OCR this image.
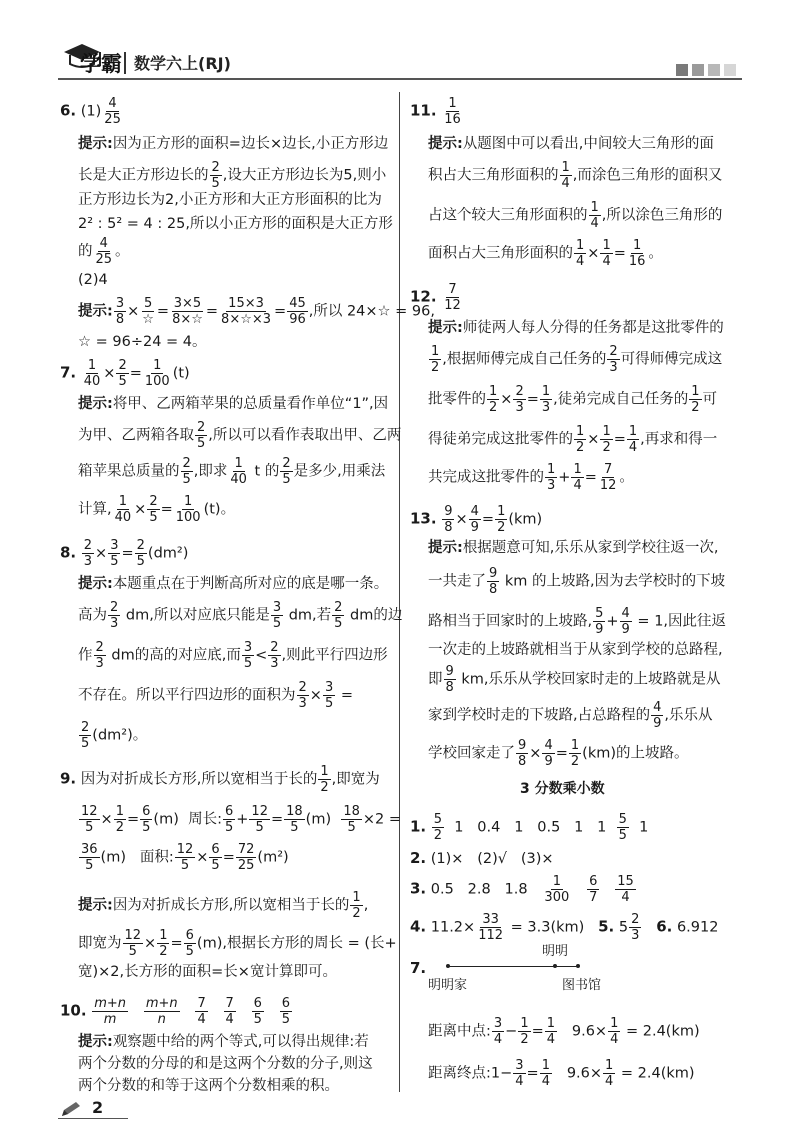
学霸 数学六上(RJ)
6. $(1) \frac{4}{25}$
提示:因为正方形的面积=边长×边长,小正方形边
长是大正方形边长的 $\frac{2}{5}$ ,设大正方形边长为5,则小
正方形边长为2,小正方形和大正方形面积的比为
2² : 5² = 4 : 25,所以小正方形的面积是大正方形
的 $\frac{4}{25}$ 。
(2)4
提示: $\frac{3}{8} \times \frac{5}{☆} = \frac{3\times 5}{8\times☆} = \frac{15\times 3}{8\times☆\times 3} = \frac{45}{96}$ ,所以 24×☆ = 96,
☆ = 96÷24 = 4。
7. $\frac{1}{40} \times \frac{2}{5} = \frac{1}{100} (t)$
提示:将甲、乙两箱苹果的总质量看作单位“1”,因
为甲、乙两箱各取 $\frac{2}{5}$ ,所以可以看作表取出甲、乙两
箱苹果总质量的 $\frac{2}{5}$ ,即求 $\frac{1}{40}$ t 的 $\frac{2}{5}$ 是多少,用乘法
计算, $\frac{1}{40} \times \frac{2}{5} = \frac{1}{100} (t)$。
8. $\frac{2}{3} \times \frac{3}{5} = \frac{2}{5} (dm^2)$
提示:本题重点在于判断高所对应的底是哪一条。
高为 $\frac{2}{3}$ dm,所以对应底只能是 $\frac{3}{5}$ dm,若 $\frac{2}{5}$ dm的边
作 $\frac{2}{3}$ dm的高的对应底,而 $\frac{3}{5} < \frac{2}{3}$ ,则此平行四边形
不存在。所以平行四边形的面积为 $\frac{2}{3} \times \frac{3}{5}$ =
$\frac{2}{5} (dm^2)$。
9. 因为对折成长方形,所以宽相当于长的 $\frac{1}{2}$ ,即宽为
$\frac{12}{5} \times \frac{1}{2} = \frac{6}{5} (m)$ 周长: $\frac{6}{5} + \frac{12}{5} = \frac{18}{5} (m) \frac{18}{5} \times 2$ =
$\frac{36}{5} (m)$ 面积: $\frac{12}{5} \times \frac{6}{5} = \frac{72}{25} (m^2)$
提示:因为对折成长方形,所以宽相当于长的 $\frac{1}{2}$ ,
即宽为 $\frac{12}{5} \times \frac{1}{2} = \frac{6}{5} (m)$,根据长方形的周长 = (长+
宽)×2,长方形的面积=长×宽计算即可。
10. $\frac{m+n}{m}$
$\frac{m+n}{n}$
$\frac{7}{4}$
$\frac{7}{4}$
$\frac{6}{5}$
$\frac{6}{5}$
提示:观察题中给的两个等式,可以得出规律:若
两个分数的分母的和是这两个分数的分子,则这
两个分数的和等于这两个分数相乘的积。
11. $\frac{1}{16}$
提示:从题图中可以看出,中间较大三角形的面
积占大三角形面积的 $\frac{1}{4}$ ,而涂色三角形的面积又
占这个较大三角形面积的 $\frac{1}{4}$ ,所以涂色三角形的
面积占大三角形面积的 $\frac{1}{4} \times \frac{1}{4} = \frac{1}{16}$ 。
12. $\frac{7}{12}$
提示:师徒两人每人分得的任务都是这批零件的
$\frac{1}{2}$ ,根据师傅完成自己任务的 $\frac{2}{3}$ 可得师傅完成这
批零件的 $\frac{1}{2} \times \frac{2}{3} = \frac{1}{3}$ ,徒弟完成自己任务的 $\frac{1}{2}$ 可
得徒弟完成这批零件的 $\frac{1}{2} \times \frac{1}{2} = \frac{1}{4}$ ,再求和得一
共完成这批零件的 $\frac{1}{3} + \frac{1}{4} = \frac{7}{12}$ 。
13. $\frac{9}{8} \times \frac{4}{9} = \frac{1}{2} (km)$
提示:根据题意可知,乐乐从家到学校往返一次,
一共走了 $\frac{9}{8}$ km 的上坡路,因为去学校时的下坡
路相当于回家时的上坡路, $\frac{5}{9} + \frac{4}{9} = 1$,因此往返
一次走的上坡路就相当于从家到学校的总路程,
即 $\frac{9}{8}$ km,乐乐从学校回家时走的上坡路就是从
家到学校时走的下坡路,占总路程的 $\frac{4}{9}$ ,乐乐从
学校回家走了 $\frac{9}{8} \times \frac{4}{9} = \frac{1}{2} (km)$的上坡路。
3 分数乘小数
1. $\frac{5}{2} 1$   0.4   1   0.5   1   $1 \frac{5}{5} 1$
2. (1)×   (2)√   (3)×
3. 0.5   2.8   $1.8 \frac{1}{300}$
$\frac{6}{7}$
$\frac{15}{4}$
4. $11.2\times \frac{33}{112} = 3.3(km)$ 5. $5 \frac{2}{3} 6$. 6.912
7.
明明
明明家	图书馆
距离中点: $\frac{3}{4} - \frac{1}{2} = \frac{1}{4} 9.6\times \frac{1}{4} = 2.4(km)$
距离终点:1− $\frac{3}{4} = \frac{1}{4} 9.6\times \frac{1}{4} = 2.4(km)$
2
